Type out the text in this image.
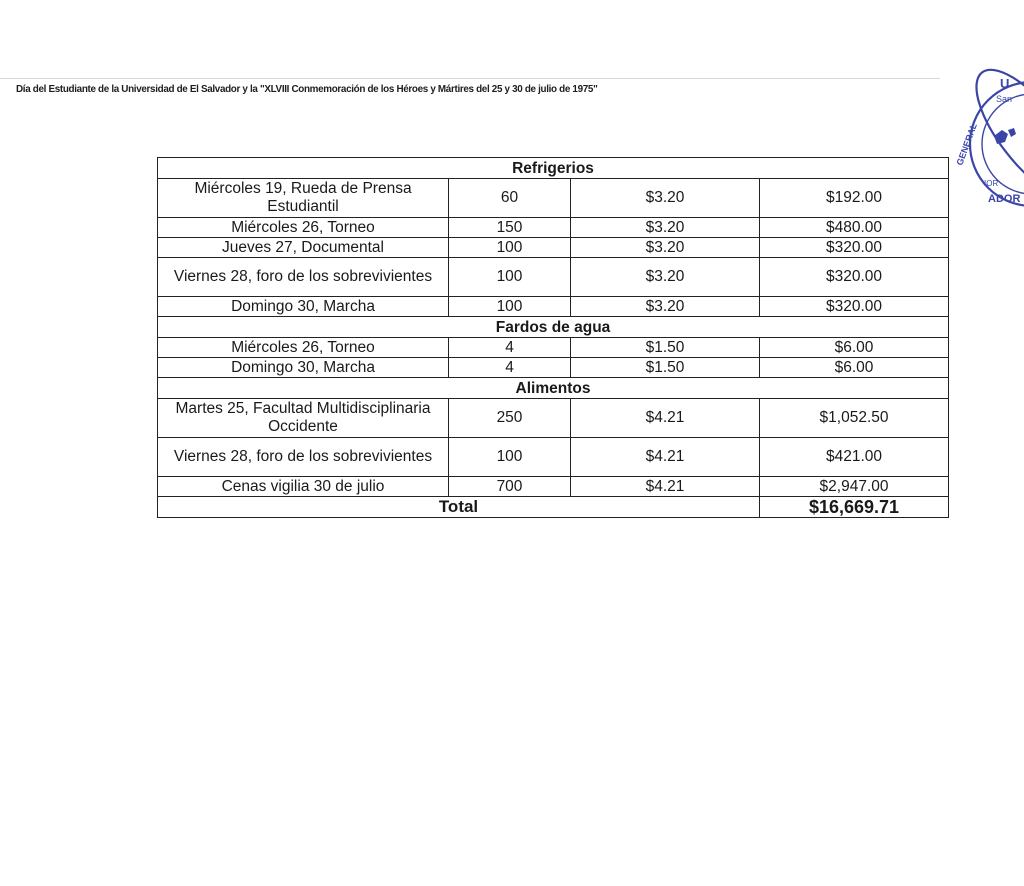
Día del Estudiante de la Universidad de El Salvador y la "XLVIII Conmemoración de los Héroes y Mártires del 25 y 30 de julio de 1975"	U
San
GENERAL
IOR
ADOR
Refrigerios			
Miércoles 19, Rueda de Prensa Estudiantil	60	$3.20	$192.00
Miércoles 26, Torneo	150	$3.20	$480.00
Jueves 27, Documental	100	$3.20	$320.00
Viernes 28, foro de los sobrevivientes	100	$3.20	$320.00
Domingo 30, Marcha	100	$3.20	$320.00
Fardos de agua			
Miércoles 26, Torneo	4	$1.50	$6.00
Domingo 30, Marcha	4	$1.50	$6.00
Alimentos			
Martes 25, Facultad Multidisciplinaria Occidente	250	$4.21	$1,052.50
Viernes 28, foro de los sobrevivientes	100	$4.21	$421.00
Cenas vigilia 30 de julio	700	$4.21	$2,947.00
Total			$16,669.71
